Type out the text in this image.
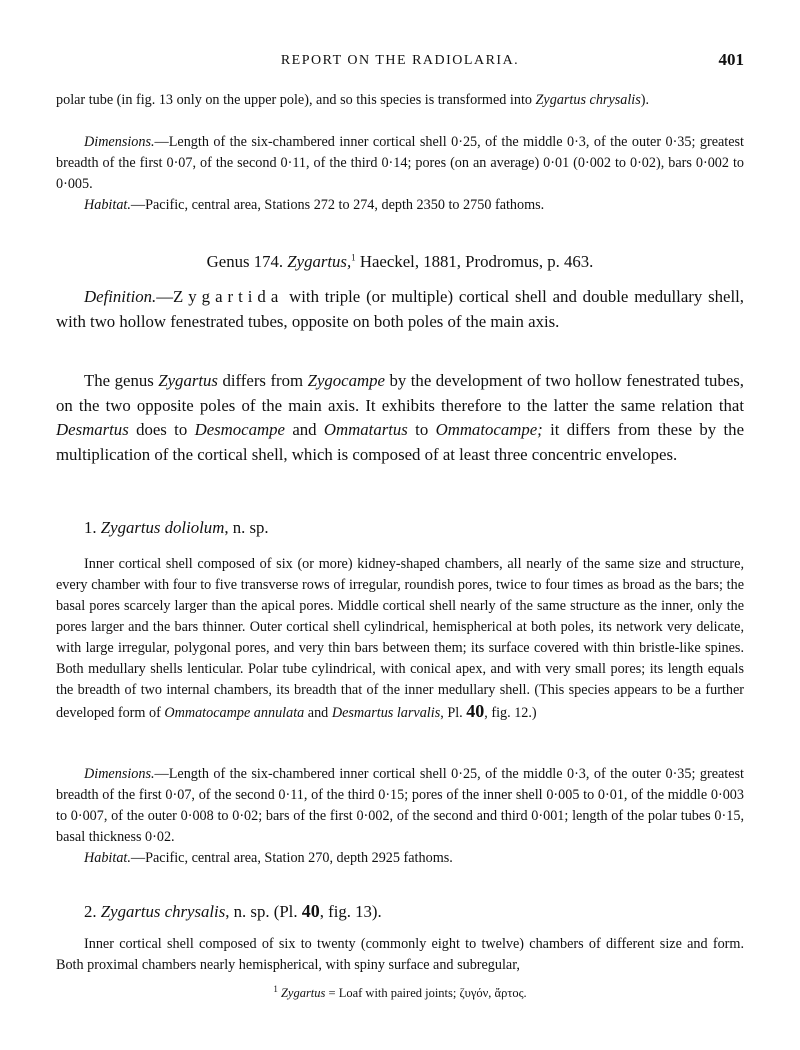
REPORT ON THE RADIOLARIA.	401
polar tube (in fig. 13 only on the upper pole), and so this species is transformed into Zygartus chrysalis).
Dimensions.—Length of the six-chambered inner cortical shell 0·25, of the middle 0·3, of the outer 0·35; greatest breadth of the first 0·07, of the second 0·11, of the third 0·14; pores (on an average) 0·01 (0·002 to 0·02), bars 0·002 to 0·005.
Habitat.—Pacific, central area, Stations 272 to 274, depth 2350 to 2750 fathoms.
Genus 174. Zygartus,$^1$ Haeckel, 1881, Prodromus, p. 463.
Definition.—Zygartida with triple (or multiple) cortical shell and double medullary shell, with two hollow fenestrated tubes, opposite on both poles of the main axis.
The genus Zygartus differs from Zygocampe by the development of two hollow fenestrated tubes, on the two opposite poles of the main axis. It exhibits therefore to the latter the same relation that Desmartus does to Desmocampe and Ommatartus to Ommatocampe; it differs from these by the multiplication of the cortical shell, which is composed of at least three concentric envelopes.
1. Zygartus doliolum, n. sp.
Inner cortical shell composed of six (or more) kidney-shaped chambers, all nearly of the same size and structure, every chamber with four to five transverse rows of irregular, roundish pores, twice to four times as broad as the bars; the basal pores scarcely larger than the apical pores. Middle cortical shell nearly of the same structure as the inner, only the pores larger and the bars thinner. Outer cortical shell cylindrical, hemispherical at both poles, its network very delicate, with large irregular, polygonal pores, and very thin bars between them; its surface covered with thin bristle-like spines. Both medullary shells lenticular. Polar tube cylindrical, with conical apex, and with very small pores; its length equals the breadth of two internal chambers, its breadth that of the inner medullary shell. (This species appears to be a further developed form of Ommatocampe annulata and Desmartus larvalis, Pl. 40, fig. 12.)
Dimensions.—Length of the six-chambered inner cortical shell 0·25, of the middle 0·3, of the outer 0·35; greatest breadth of the first 0·07, of the second 0·11, of the third 0·15; pores of the inner shell 0·005 to 0·01, of the middle 0·003 to 0·007, of the outer 0·008 to 0·02; bars of the first 0·002, of the second and third 0·001; length of the polar tubes 0·15, basal thickness 0·02.
Habitat.—Pacific, central area, Station 270, depth 2925 fathoms.
2. Zygartus chrysalis, n. sp. (Pl. 40, fig. 13).
Inner cortical shell composed of six to twenty (commonly eight to twelve) chambers of different size and form. Both proximal chambers nearly hemispherical, with spiny surface and subregular,
$^1$ Zygartus = Loaf with paired joints; ζυγόν, ἄρτος.
